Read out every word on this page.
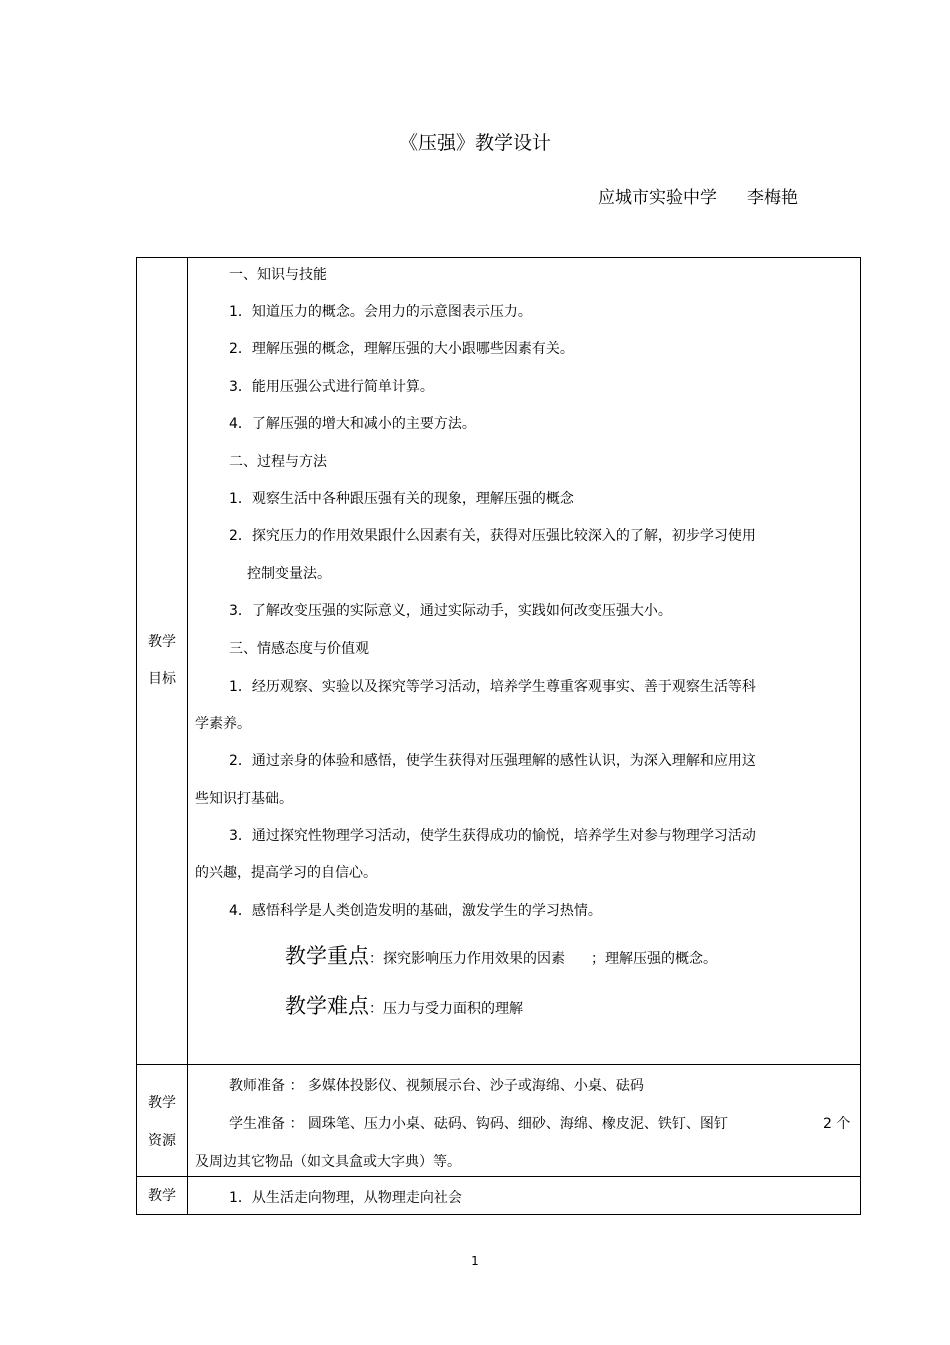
《压强》教学设计
应城市实验中学 李梅艳
教学
目标
一、知识与技能
1．知道压力的概念。会用力的示意图表示压力。
2．理解压强的概念，理解压强的大小跟哪些因素有关。
3．能用压强公式进行简单计算。
4．了解压强的增大和减小的主要方法。
二、过程与方法
1．观察生活中各种跟压强有关的现象，理解压强的概念
2．探究压力的作用效果跟什么因素有关，获得对压强比较深入的了解，初步学习使用
控制变量法。
3．了解改变压强的实际意义，通过实际动手，实践如何改变压强大小。
三、情感态度与价值观
1．经历观察、实验以及探究等学习活动，培养学生尊重客观事实、善于观察生活等科
学素养。
2．通过亲身的体验和感悟，使学生获得对压强理解的感性认识，为深入理解和应用这
些知识打基础。
3．通过探究性物理学习活动，使学生获得成功的愉悦，培养学生对参与物理学习活动
的兴趣，提高学习的自信心。
4．感悟科学是人类创造发明的基础，激发学生的学习热情。
教学重点：探究影响压力作用效果的因素 ；理解压强的概念。
教学难点：压力与受力面积的理解
教学
资源
教师准备 ： 多媒体投影仪、视频展示台、沙子或海绵、小桌、砝码
学生准备 ： 圆珠笔、压力小桌、砝码、钩码、细砂、海绵、橡皮泥、铁钉、图钉	2 个
及周边其它物品（如文具盒或大字典）等。
教学	1．从生活走向物理，从物理走向社会
1
